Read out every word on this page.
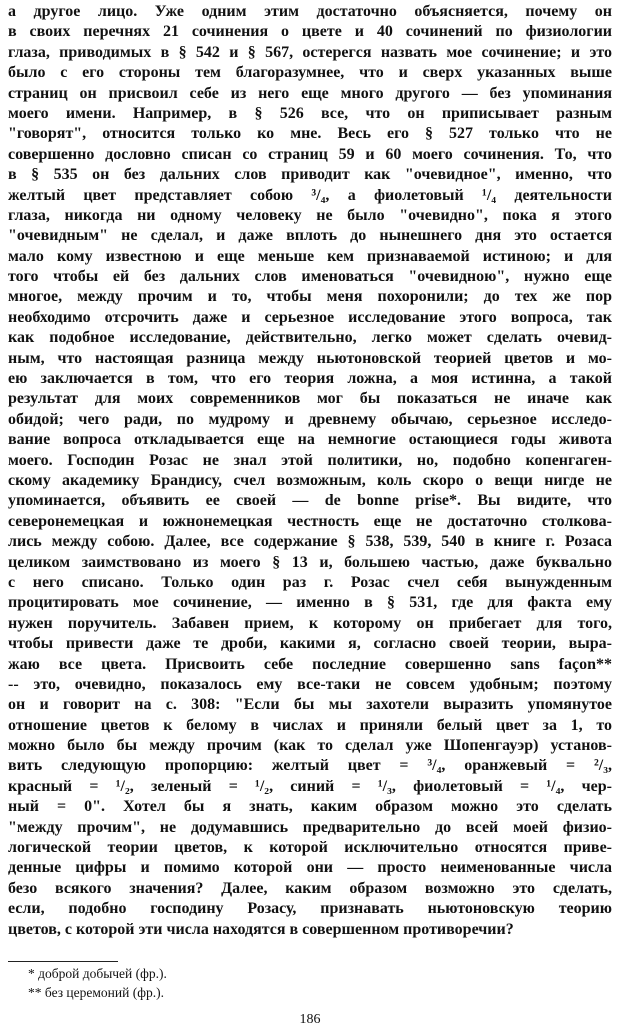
а другое лицо. Уже одним этим достаточно объясняется, почему он
в своих перечнях 21 сочинения о цвете и 40 сочинений по физиологии
глаза, приводимых в § 542 и § 567, остерегся назвать мое сочинение; и это
было с его стороны тем благоразумнее, что и сверх указанных выше
страниц он присвоил себе из него еще много другого — без упоминания
моего имени. Например, в § 526 все, что он приписывает разным
"говорят", относится только ко мне. Весь его § 527 только что не
совершенно дословно списан со страниц 59 и 60 моего сочинения. То, что
в § 535 он без дальних слов приводит как "очевидное", именно, что
желтый цвет представляет собою ³/₄, а фиолетовый ¹/₄ деятельности
глаза, никогда ни одному человеку не было "очевидно", пока я этого
"очевидным" не сделал, и даже вплоть до нынешнего дня это остается
мало кому известною и еще меньше кем признаваемой истиною; и для
того чтобы ей без дальних слов именоваться "очевидною", нужно еще
многое, между прочим и то, чтобы меня похоронили; до тех же пор
необходимо отсрочить даже и серьезное исследование этого вопроса, так
как подобное исследование, действительно, легко может сделать очевид-
ным, что настоящая разница между ньютоновской теорией цветов и мо-
ею заключается в том, что его теория ложна, а моя истинна, а такой
результат для моих современников мог бы показаться не иначе как
обидой; чего ради, по мудрому и древнему обычаю, серьезное исследо-
вание вопроса откладывается еще на немногие остающиеся годы живота
моего. Господин Розас не знал этой политики, но, подобно копенгаген-
скому академику Брандису, счел возможным, коль скоро о вещи нигде не
упоминается, объявить ее своей — de bonne prise*. Вы видите, что
северонемецкая и южнонемецкая честность еще не достаточно столкова-
лись между собою. Далее, все содержание § 538, 539, 540 в книге г. Розаса
целиком заимствовано из моего § 13 и, большею частью, даже буквально
с него списано. Только один раз г. Розас счел себя вынужденным
процитировать мое сочинение, — именно в § 531, где для факта ему
нужен поручитель. Забавен прием, к которому он прибегает для того,
чтобы привести даже те дроби, какими я, согласно своей теории, выра-
жаю все цвета. Присвоить себе последние совершенно sans façon**
-- это, очевидно, показалось ему все-таки не совсем удобным; поэтому
он и говорит на с. 308: "Если бы мы захотели выразить упомянутое
отношение цветов к белому в числах и приняли белый цвет за 1, то
можно было бы между прочим (как то сделал уже Шопенгауэр) установ-
вить следующую пропорцию: желтый цвет = ³/₄, оранжевый = ²/₃,
красный = ¹/₂, зеленый = ¹/₂, синий = ¹/₃, фиолетовый = ¹/₄, чер-
ный = 0". Хотел бы я знать, каким образом можно это сделать
"между прочим", не додумавшись предварительно до всей моей физио-
логической теории цветов, к которой исключительно относятся приве-
денные цифры и помимо которой они — просто неименованные числа
безо всякого значения? Далее, каким образом возможно это сделать,
если, подобно господину Розасу, признавать ньютоновскую теорию
цветов, с которой эти числа находятся в совершенном противоречии?
* доброй добычей (фр.).
** без церемоний (фр.).
186
